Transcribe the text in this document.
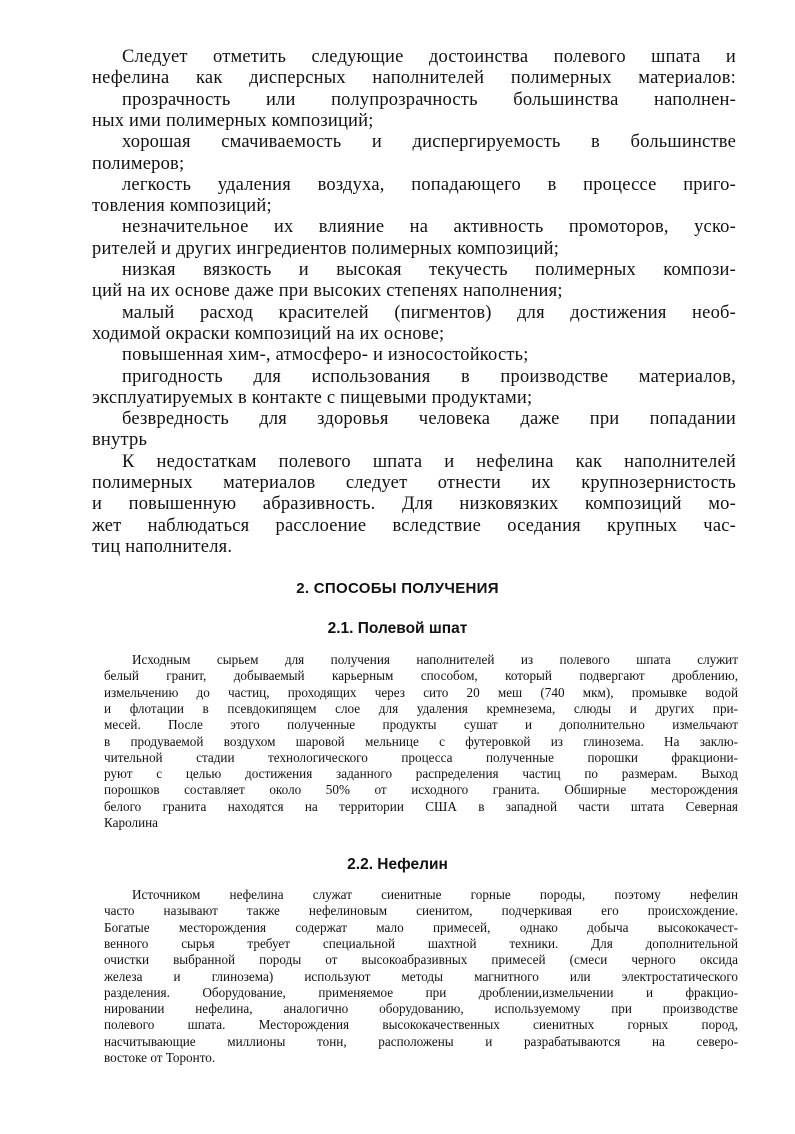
Следует отметить следующие достоинства полевого шпата и
нефелина как дисперсных наполнителей полимерных материалов:
прозрачность или полупрозрачность большинства наполнен-
ных ими полимерных композиций;
хорошая смачиваемость и диспергируемость в большинстве
полимеров;
легкость удаления воздуха, попадающего в процессе приго-
товления композиций;
незначительное их влияние на активность промоторов, уско-
рителей и других ингредиентов полимерных композиций;
низкая вязкость и высокая текучесть полимерных компози-
ций на их основе даже при высоких степенях наполнения;
малый расход красителей (пигментов) для достижения необ-
ходимой окраски композиций на их основе;
повышенная хим-, атмосферо- и износостойкость;
пригодность для использования в производстве материалов,
эксплуатируемых в контакте с пищевыми продуктами;
безвредность для здоровья человека даже при попадании
внутрь
К недостаткам полевого шпата и нефелина как наполнителей
полимерных материалов следует отнести их крупнозернистость
и повышенную абразивность. Для низковязких композиций мо-
жет наблюдаться расслоение вследствие оседания крупных час-
тиц наполнителя.
2. СПОСОБЫ ПОЛУЧЕНИЯ
2.1. Полевой шпат
Исходным сырьем для получения наполнителей из полевого шпата служит
белый гранит, добываемый карьерным способом, который подвергают дроблению,
измельчению до частиц, проходящих через сито 20 меш (740 мкм), промывке водой
и флотации в псевдокипящем слое для удаления кремнезема, слюды и других при-
месей. После этого полученные продукты сушат и дополнительно измельчают
в продуваемой воздухом шаровой мельнице с футеровкой из глинозема. На заклю-
чительной стадии технологического процесса полученные порошки фракциони-
руют с целью достижения заданного распределения частиц по размерам. Выход
порошков составляет около 50% от исходного гранита. Обширные месторождения
белого гранита находятся на территории США в западной части штата Северная
Каролина
2.2. Нефелин
Источником нефелина служат сиенитные горные породы, поэтому нефелин
часто называют также нефелиновым сиенитом, подчеркивая его происхождение.
Богатые месторождения содержат мало примесей, однако добыча высококачест-
венного сырья требует специальной шахтной техники. Для дополнительной
очистки выбранной породы от высокоабразивных примесей (смеси черного оксида
железа и глинозема) используют методы магнитного или электростатического
разделения. Оборудование, применяемое при дроблении,измельчении и фракцио-
нировании нефелина, аналогично оборудованию, используемому при производстве
полевого шпата. Месторождения высококачественных сиенитных горных пород,
насчитывающие миллионы тонн, расположены и разрабатываются на северо-
востоке от Торонто.
